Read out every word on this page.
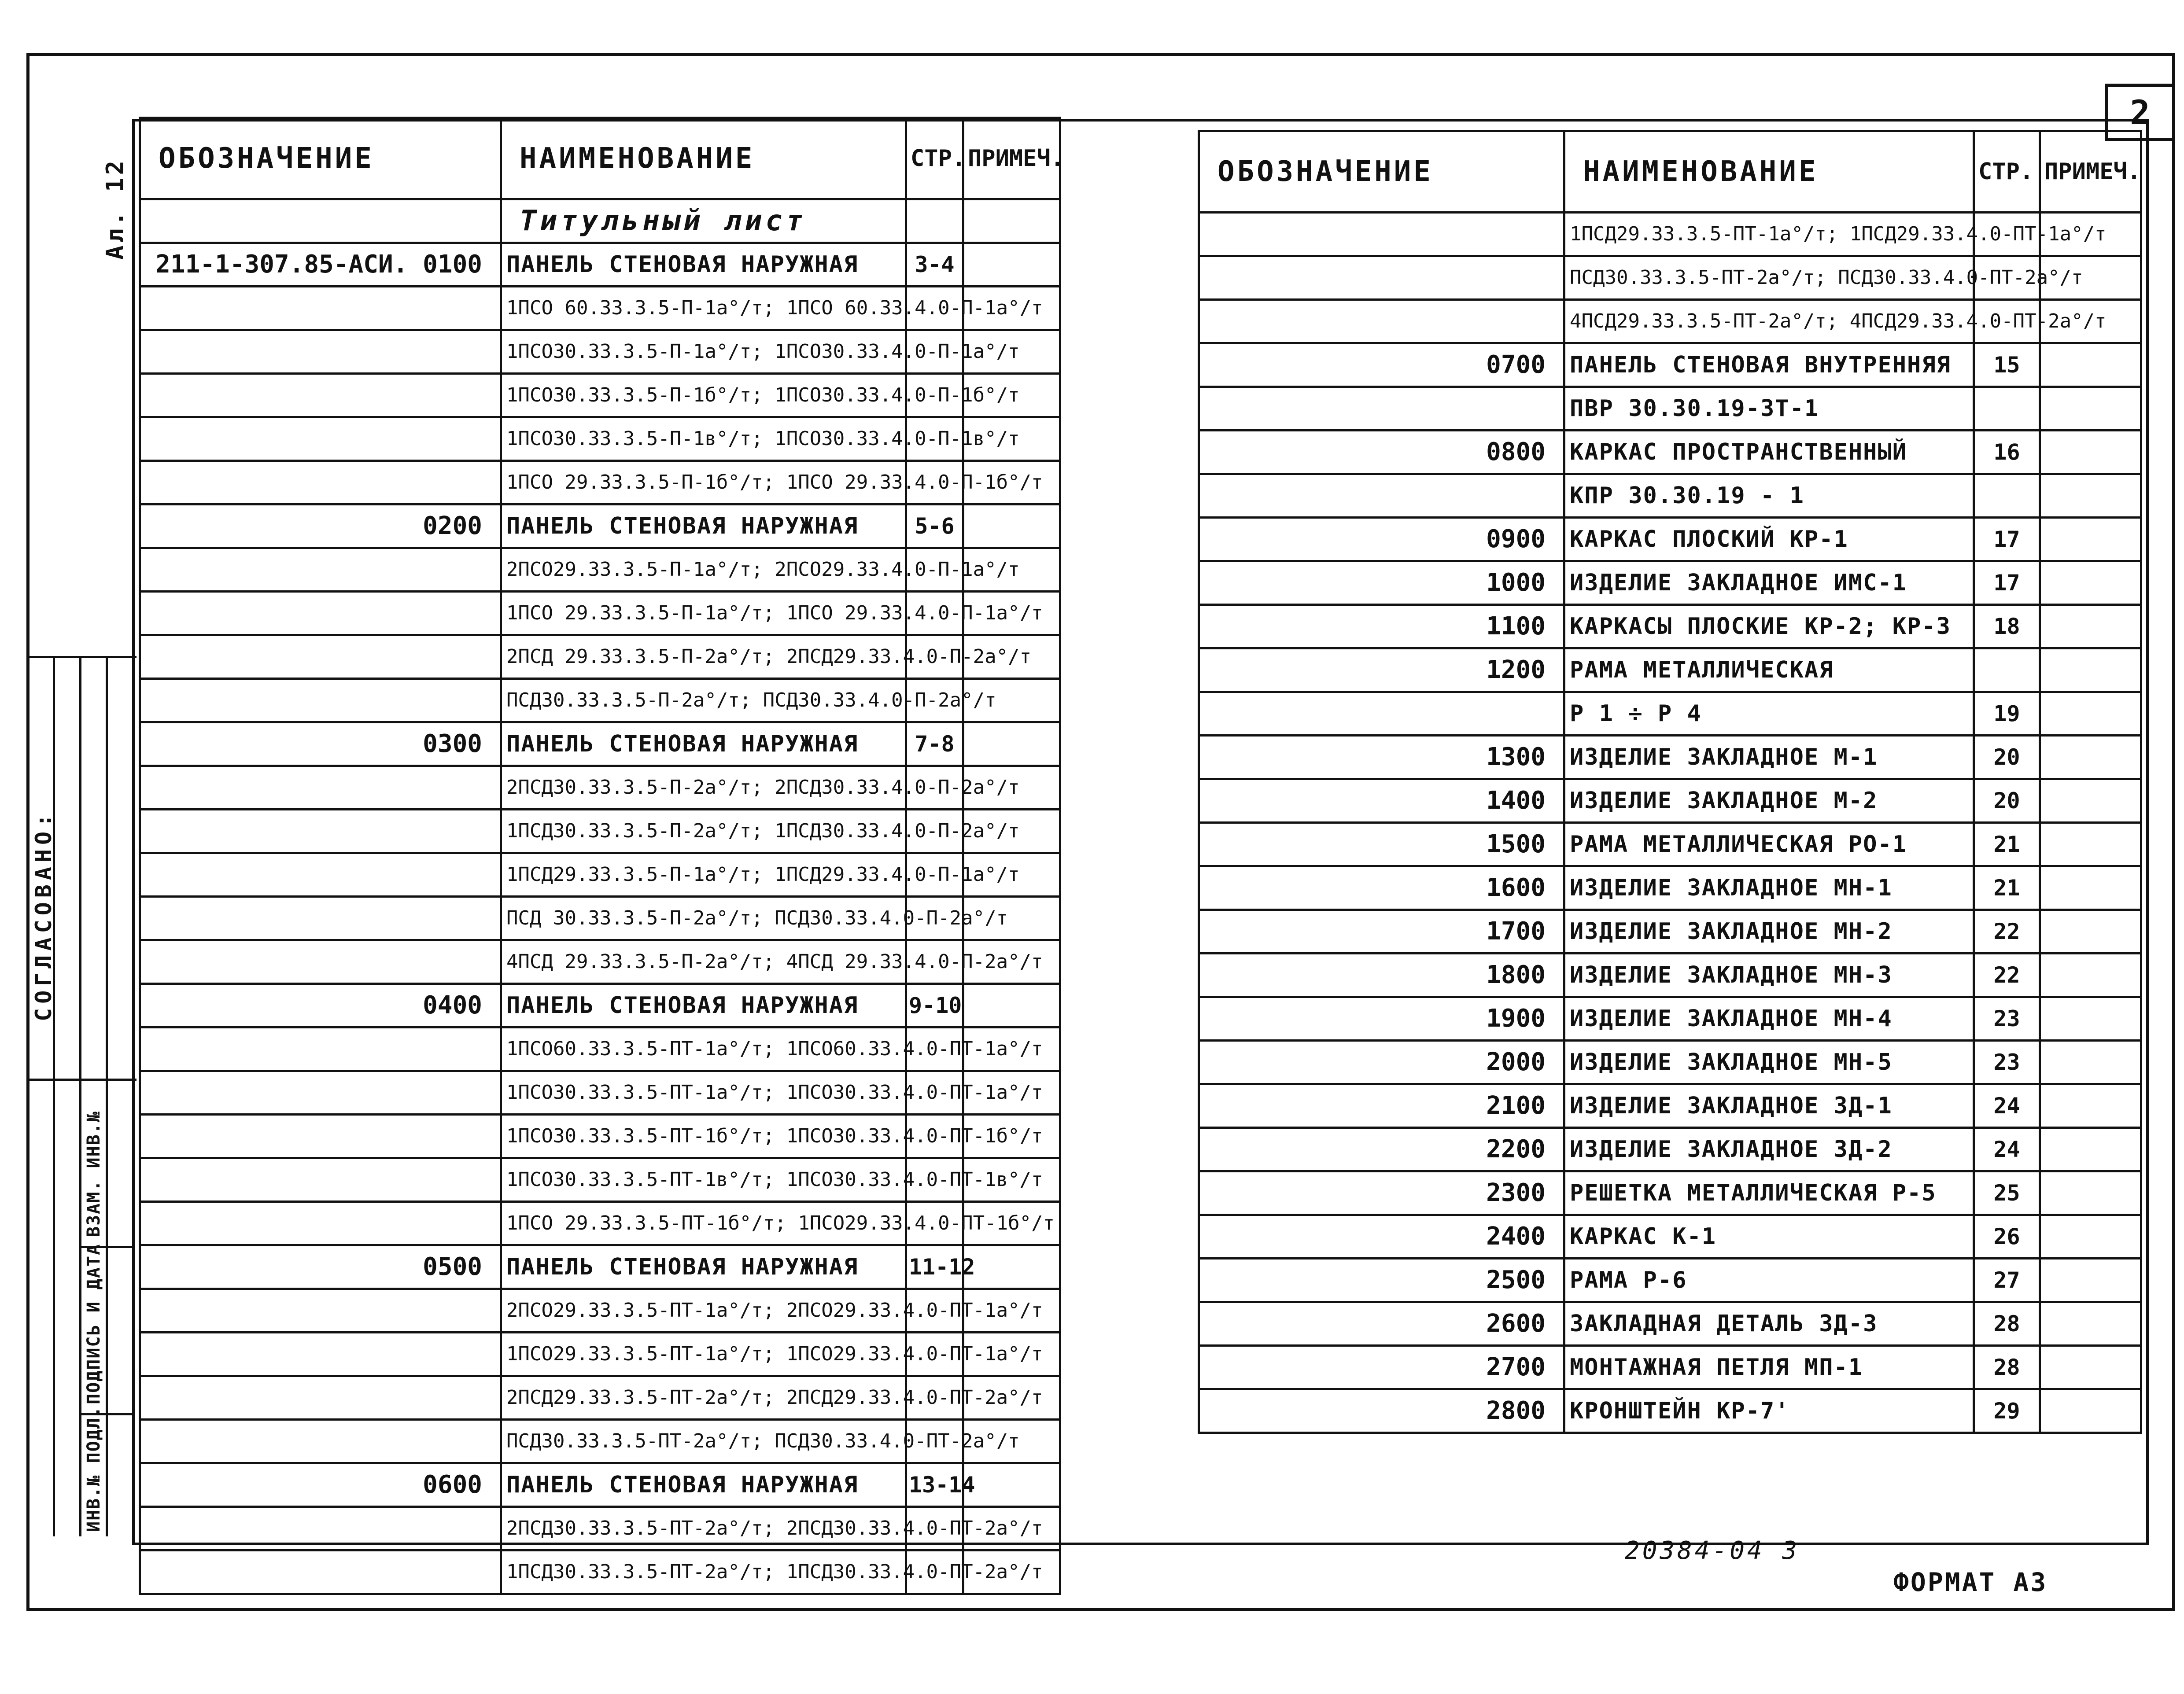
2
Ал. 12
СОГЛАСОВАНО:
ВЗАМ. ИНВ.№
ПОДПИСЬ И ДАТА
ИНВ.№ ПОДЛ.
ОБОЗНАЧЕНИЕ	НАИМЕНОВАНИЕ	СТР.	ПРИМЕЧ.
	Титульный лист		
211-1-307.85-АСИ. 0100	ПАНЕЛЬ СТЕНОВАЯ НАРУЖНАЯ	3-4	
	1ПСО 60.33.3.5-П-1а°/т; 1ПСО 60.33.4.0-П-1а°/т		
	1ПСО30.33.3.5-П-1а°/т; 1ПСО30.33.4.0-П-1а°/т		
	1ПСО30.33.3.5-П-1б°/т; 1ПСО30.33.4.0-П-1б°/т		
	1ПСО30.33.3.5-П-1в°/т; 1ПСО30.33.4.0-П-1в°/т		
	1ПСО 29.33.3.5-П-1б°/т; 1ПСО 29.33.4.0-П-1б°/т		
0200	ПАНЕЛЬ СТЕНОВАЯ НАРУЖНАЯ	5-6	
	2ПСО29.33.3.5-П-1а°/т; 2ПСО29.33.4.0-П-1а°/т		
	1ПСО 29.33.3.5-П-1а°/т; 1ПСО 29.33.4.0-П-1а°/т		
	2ПСД 29.33.3.5-П-2а°/т; 2ПСД29.33.4.0-П-2а°/т		
	ПСД30.33.3.5-П-2а°/т; ПСД30.33.4.0-П-2а°/т		
0300	ПАНЕЛЬ СТЕНОВАЯ НАРУЖНАЯ	7-8	
	2ПСД30.33.3.5-П-2а°/т; 2ПСД30.33.4.0-П-2а°/т		
	1ПСД30.33.3.5-П-2а°/т; 1ПСД30.33.4.0-П-2а°/т		
	1ПСД29.33.3.5-П-1а°/т; 1ПСД29.33.4.0-П-1а°/т		
	ПСД 30.33.3.5-П-2а°/т; ПСД30.33.4.0-П-2а°/т		
	4ПСД 29.33.3.5-П-2а°/т; 4ПСД 29.33.4.0-П-2а°/т		
0400	ПАНЕЛЬ СТЕНОВАЯ НАРУЖНАЯ	9-10	
	1ПСО60.33.3.5-ПТ-1а°/т; 1ПСО60.33.4.0-ПТ-1а°/т		
	1ПСО30.33.3.5-ПТ-1а°/т; 1ПСО30.33.4.0-ПТ-1а°/т		
	1ПСО30.33.3.5-ПТ-1б°/т; 1ПСО30.33.4.0-ПТ-1б°/т		
	1ПСО30.33.3.5-ПТ-1в°/т; 1ПСО30.33.4.0-ПТ-1в°/т		
	1ПСО 29.33.3.5-ПТ-1б°/т; 1ПСО29.33.4.0-ПТ-1б°/т		
0500	ПАНЕЛЬ СТЕНОВАЯ НАРУЖНАЯ	11-12	
	2ПСО29.33.3.5-ПТ-1а°/т; 2ПСО29.33.4.0-ПТ-1а°/т		
	1ПСО29.33.3.5-ПТ-1а°/т; 1ПСО29.33.4.0-ПТ-1а°/т		
	2ПСД29.33.3.5-ПТ-2а°/т; 2ПСД29.33.4.0-ПТ-2а°/т		
	ПСД30.33.3.5-ПТ-2а°/т; ПСД30.33.4.0-ПТ-2а°/т		
0600	ПАНЕЛЬ СТЕНОВАЯ НАРУЖНАЯ	13-14	
	2ПСД30.33.3.5-ПТ-2а°/т; 2ПСД30.33.4.0-ПТ-2а°/т		
	1ПСД30.33.3.5-ПТ-2а°/т; 1ПСД30.33.4.0-ПТ-2а°/т		
ОБОЗНАЧЕНИЕ	НАИМЕНОВАНИЕ	СТР.	ПРИМЕЧ.
	1ПСД29.33.3.5-ПТ-1а°/т; 1ПСД29.33.4.0-ПТ-1а°/т		
	ПСД30.33.3.5-ПТ-2а°/т; ПСД30.33.4.0-ПТ-2а°/т		
	4ПСД29.33.3.5-ПТ-2а°/т; 4ПСД29.33.4.0-ПТ-2а°/т		
0700	ПАНЕЛЬ СТЕНОВАЯ ВНУТРЕННЯЯ	15	
	ПВР 30.30.19-3Т-1		
0800	КАРКАС ПРОСТРАНСТВЕННЫЙ	16	
	КПР 30.30.19 - 1		
0900	КАРКАС ПЛОСКИЙ КР-1	17	
1000	ИЗДЕЛИЕ ЗАКЛАДНОЕ ИМС-1	17	
1100	КАРКАСЫ ПЛОСКИЕ КР-2; КР-3	18	
1200	РАМА МЕТАЛЛИЧЕСКАЯ		
	Р 1 ÷ Р 4	19	
1300	ИЗДЕЛИЕ ЗАКЛАДНОЕ М-1	20	
1400	ИЗДЕЛИЕ ЗАКЛАДНОЕ М-2	20	
1500	РАМА МЕТАЛЛИЧЕСКАЯ РО-1	21	
1600	ИЗДЕЛИЕ ЗАКЛАДНОЕ МН-1	21	
1700	ИЗДЕЛИЕ ЗАКЛАДНОЕ МН-2	22	
1800	ИЗДЕЛИЕ ЗАКЛАДНОЕ МН-3	22	
1900	ИЗДЕЛИЕ ЗАКЛАДНОЕ МН-4	23	
2000	ИЗДЕЛИЕ ЗАКЛАДНОЕ МН-5	23	
2100	ИЗДЕЛИЕ ЗАКЛАДНОЕ ЗД-1	24	
2200	ИЗДЕЛИЕ ЗАКЛАДНОЕ ЗД-2	24	
2300	РЕШЕТКА МЕТАЛЛИЧЕСКАЯ Р-5	25	
2400	КАРКАС К-1	26	
2500	РАМА Р-6	27	
2600	ЗАКЛАДНАЯ ДЕТАЛЬ ЗД-3	28	
2700	МОНТАЖНАЯ ПЕТЛЯ МП-1	28	
2800	КРОНШТЕЙН КР-7'	29	
20384-04 3
ФОРМАТ А3
